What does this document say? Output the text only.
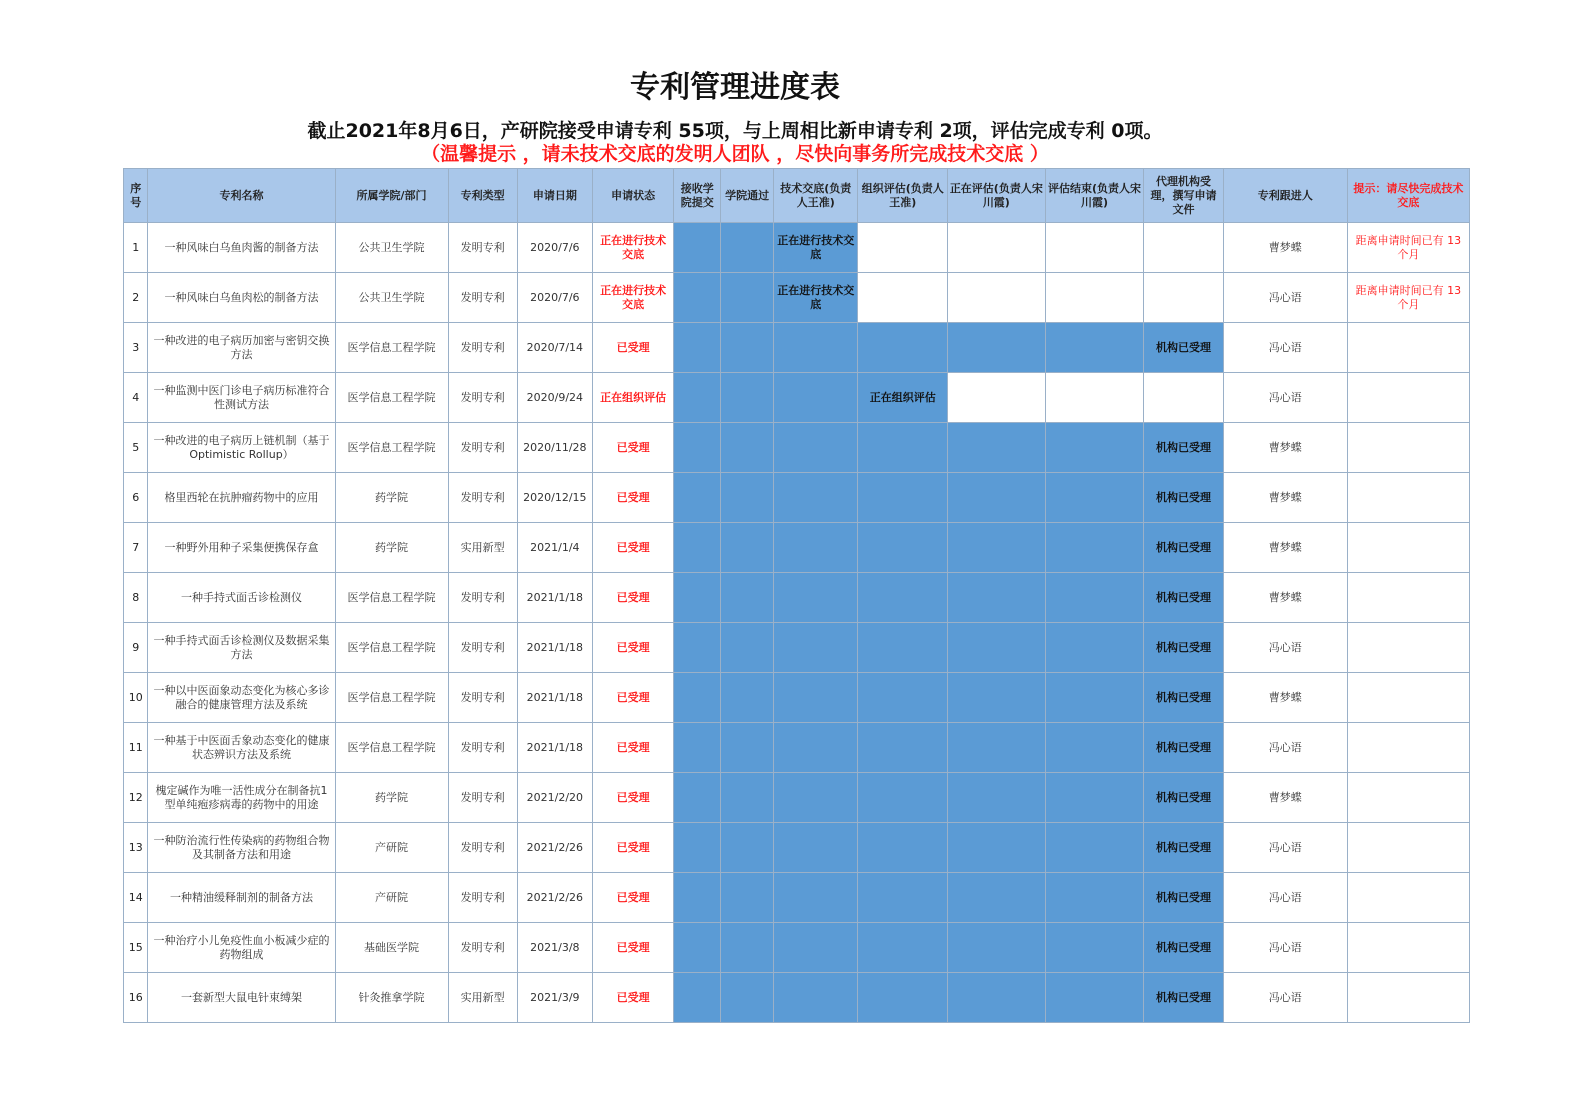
专利管理进度表
截止2021年8月6日，产研院接受申请专利 55项，与上周相比新申请专利 2项，评估完成专利 0项。
（温馨提示 ，请未技术交底的发明人团队 ，尽快向事务所完成技术交底 ）
序号	专利名称	所属学院/部门	专利类型	申请日期	申请状态	接收学院提交	学院通过	技术交底(负责人王准)	组织评估(负责人王准)	正在评估(负责人宋川霞)	评估结束(负责人宋川霞)	代理机构受理，撰写申请文件	专利跟进人	提示：请尽快完成技术交底
1	一种风味白乌鱼肉酱的制备方法	公共卫生学院	发明专利	2020/7/6	正在进行技术交底			正在进行技术交底					曹梦蝶	距离申请时间已有 13个月
2	一种风味白乌鱼肉松的制备方法	公共卫生学院	发明专利	2020/7/6	正在进行技术交底			正在进行技术交底					冯心语	距离申请时间已有 13个月
3	一种改进的电子病历加密与密钥交换方法	医学信息工程学院	发明专利	2020/7/14	已受理							机构已受理	冯心语	
4	一种监测中医门诊电子病历标准符合性测试方法	医学信息工程学院	发明专利	2020/9/24	正在组织评估				正在组织评估				冯心语	
5	一种改进的电子病历上链机制（基于Optimistic Rollup）	医学信息工程学院	发明专利	2020/11/28	已受理							机构已受理	曹梦蝶	
6	格里西轮在抗肿瘤药物中的应用	药学院	发明专利	2020/12/15	已受理							机构已受理	曹梦蝶	
7	一种野外用种子采集便携保存盒	药学院	实用新型	2021/1/4	已受理							机构已受理	曹梦蝶	
8	一种手持式面舌诊检测仪	医学信息工程学院	发明专利	2021/1/18	已受理							机构已受理	曹梦蝶	
9	一种手持式面舌诊检测仪及数据采集方法	医学信息工程学院	发明专利	2021/1/18	已受理							机构已受理	冯心语	
10	一种以中医面象动态变化为核心多诊融合的健康管理方法及系统	医学信息工程学院	发明专利	2021/1/18	已受理							机构已受理	曹梦蝶	
11	一种基于中医面舌象动态变化的健康状态辨识方法及系统	医学信息工程学院	发明专利	2021/1/18	已受理							机构已受理	冯心语	
12	槐定碱作为唯一活性成分在制备抗1型单纯疱疹病毒的药物中的用途	药学院	发明专利	2021/2/20	已受理							机构已受理	曹梦蝶	
13	一种防治流行性传染病的药物组合物及其制备方法和用途	产研院	发明专利	2021/2/26	已受理							机构已受理	冯心语	
14	一种精油缓释制剂的制备方法	产研院	发明专利	2021/2/26	已受理							机构已受理	冯心语	
15	一种治疗小儿免疫性血小板减少症的药物组成	基础医学院	发明专利	2021/3/8	已受理							机构已受理	冯心语	
16	一套新型大鼠电针束缚架	针灸推拿学院	实用新型	2021/3/9	已受理							机构已受理	冯心语	
